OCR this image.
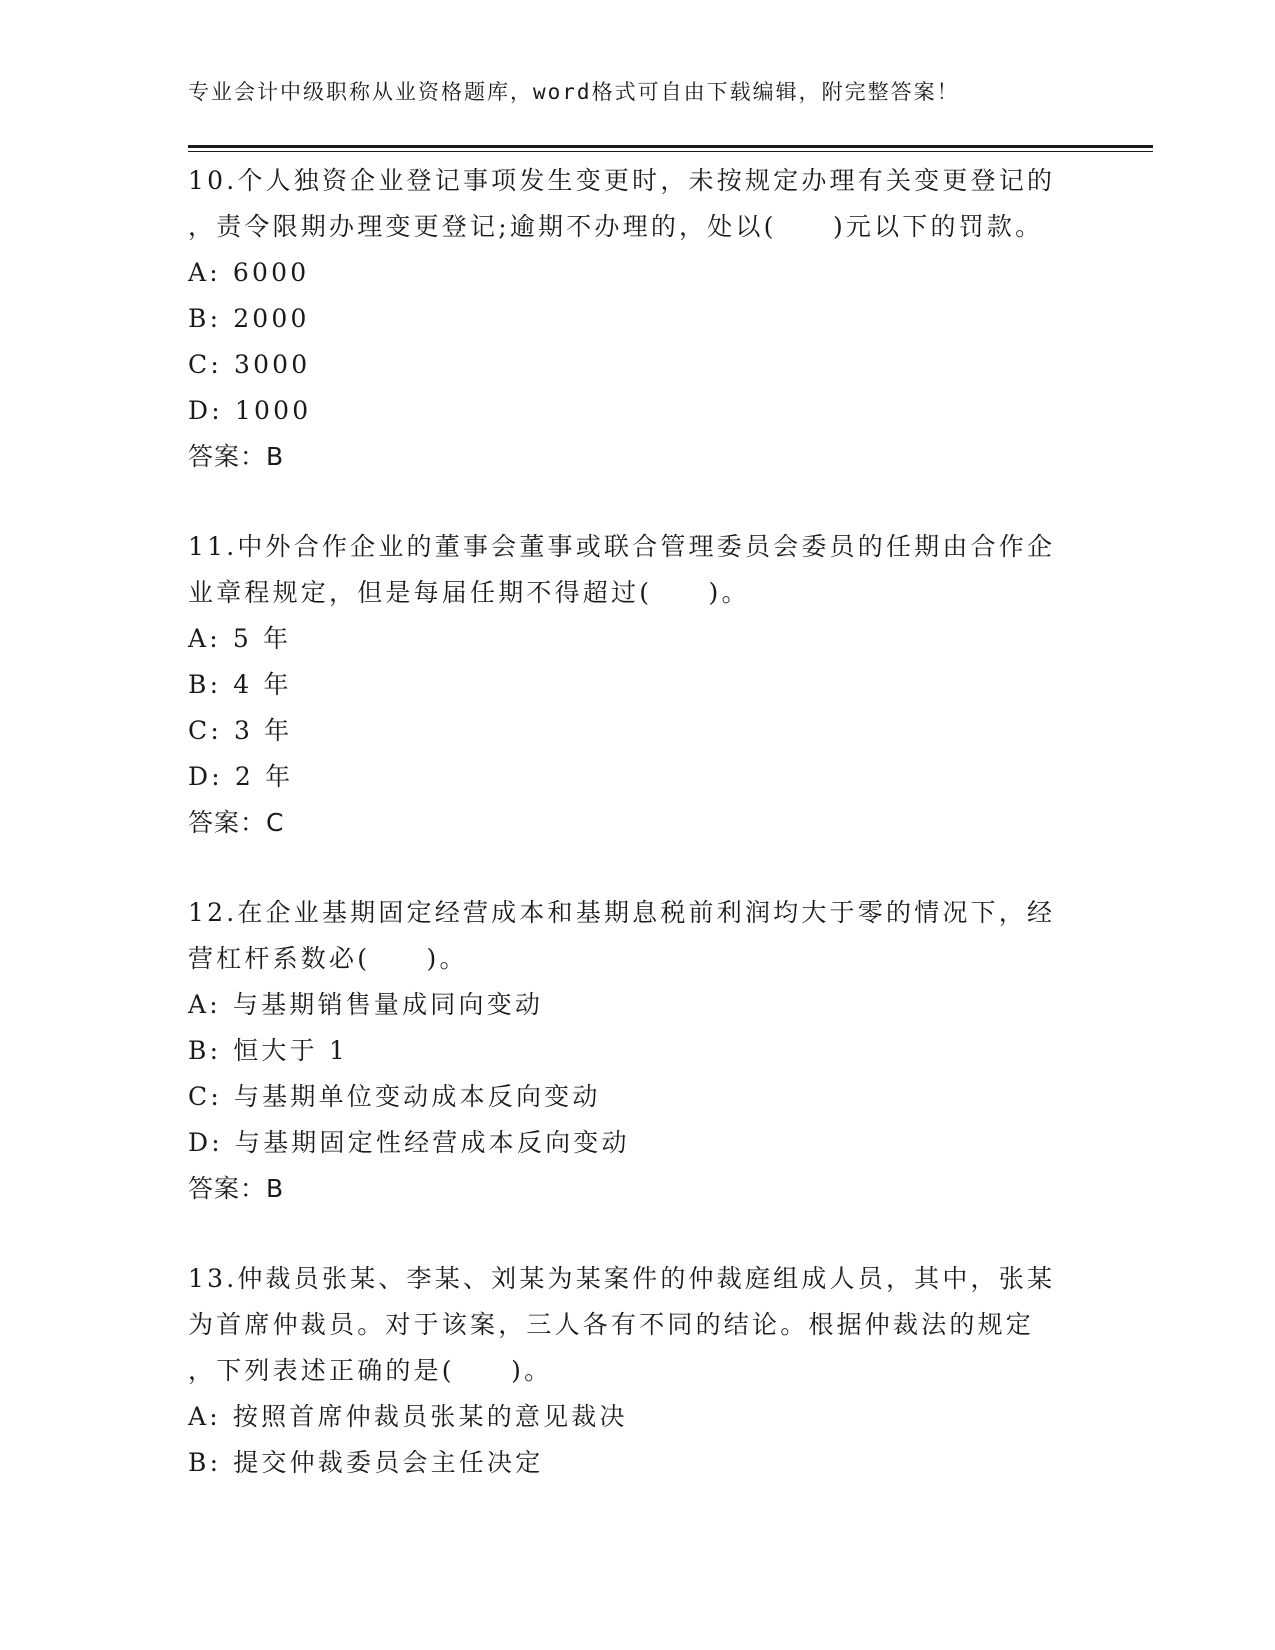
专业会计中级职称从业资格题库，word格式可自由下载编辑，附完整答案！
10.个人独资企业登记事项发生变更时，未按规定办理有关变更登记的
，责令限期办理变更登记;逾期不办理的，处以(　　)元以下的罚款。
A: 6000
B: 2000
C: 3000
D: 1000
答案：B
11.中外合作企业的董事会董事或联合管理委员会委员的任期由合作企
业章程规定，但是每届任期不得超过(　　)。
A: 5 年
B: 4 年
C: 3 年
D: 2 年
答案：C
12.在企业基期固定经营成本和基期息税前利润均大于零的情况下，经
营杠杆系数必(　　)。
A: 与基期销售量成同向变动
B: 恒大于 1
C: 与基期单位变动成本反向变动
D: 与基期固定性经营成本反向变动
答案：B
13.仲裁员张某、李某、刘某为某案件的仲裁庭组成人员，其中，张某
为首席仲裁员。对于该案，三人各有不同的结论。根据仲裁法的规定
，下列表述正确的是(　　)。
A: 按照首席仲裁员张某的意见裁决
B: 提交仲裁委员会主任决定
